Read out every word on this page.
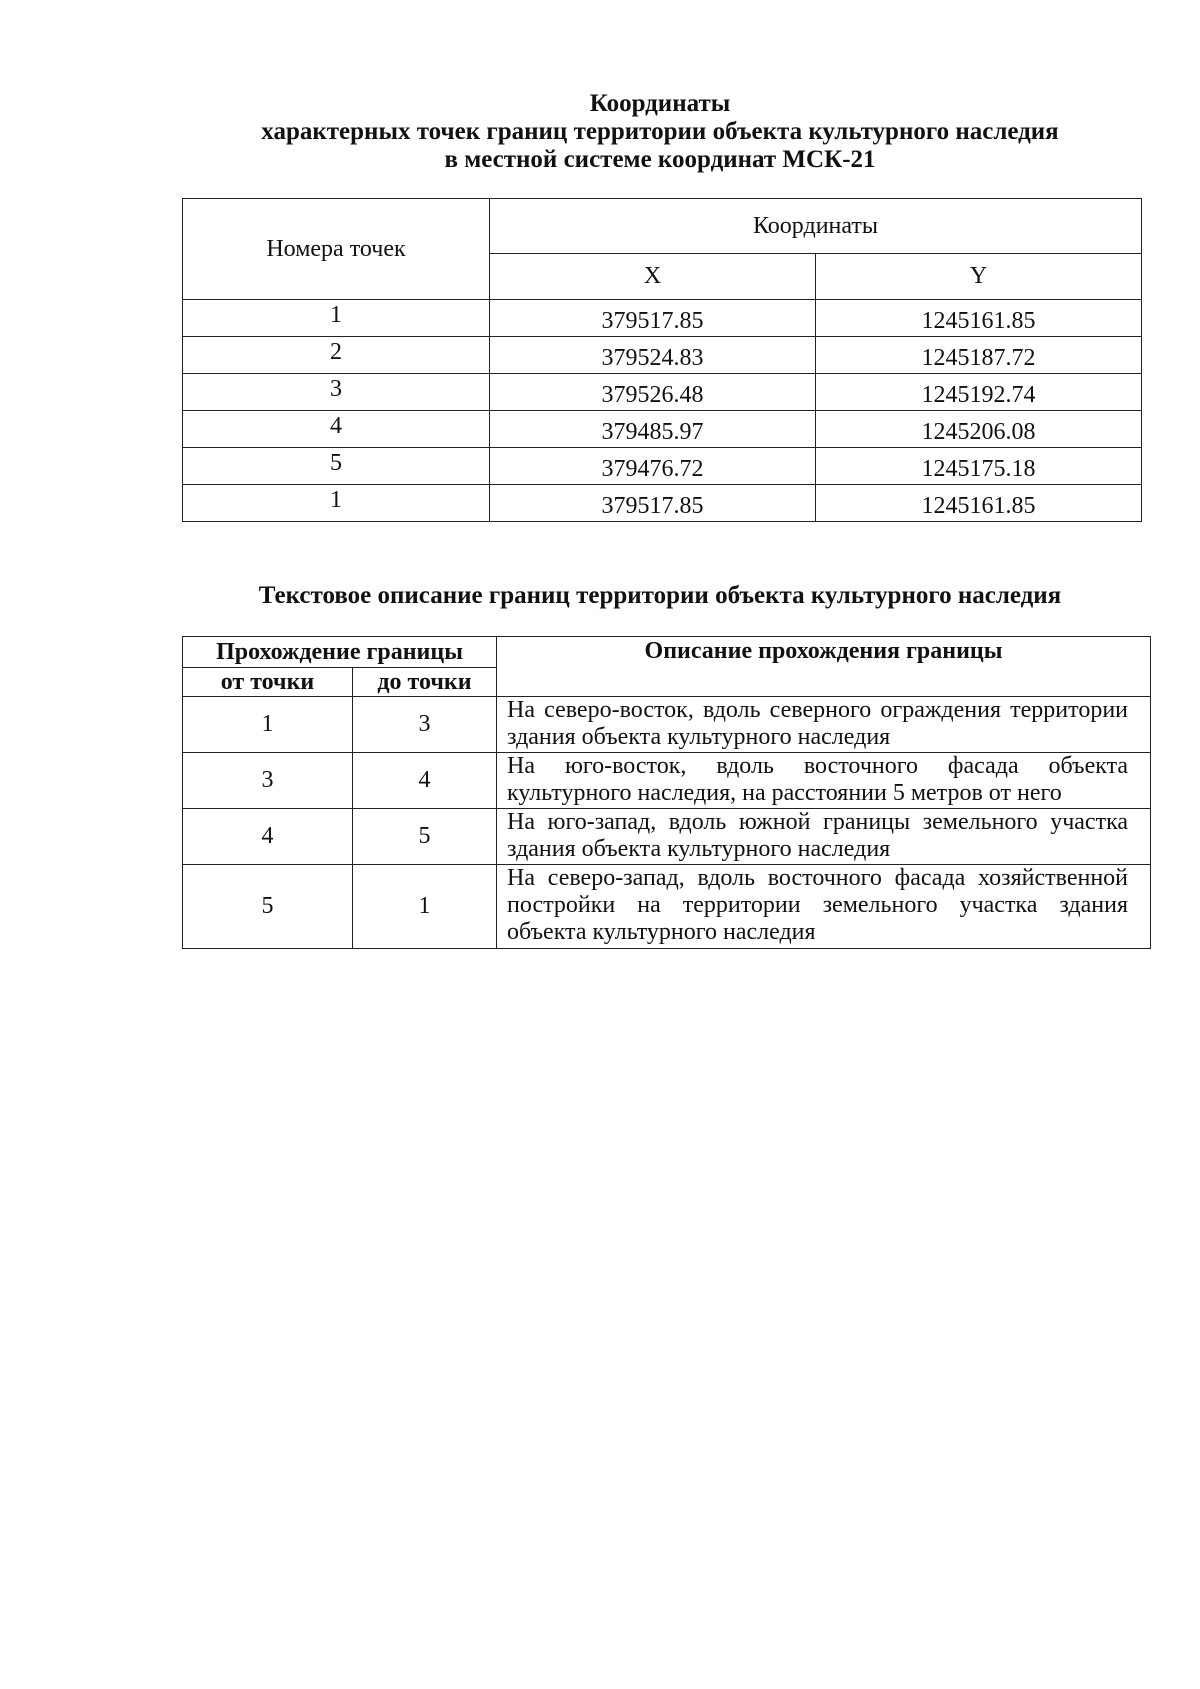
Координаты
характерных точек границ территории объекта культурного наследия
в местной системе координат МСК-21
Номера точек	Координаты	
	X	Y
1	379517.85	1245161.85
2	379524.83	1245187.72
3	379526.48	1245192.74
4	379485.97	1245206.08
5	379476.72	1245175.18
1	379517.85	1245161.85
Текстовое описание границ территории объекта культурного наследия
Прохождение границы		Описание прохождения границы
от точки	до точки	
1	3	На северо-восток, вдоль северного ограждения территории здания объекта культурного наследия
3	4	На юго-восток, вдоль восточного фасада объекта культурного наследия, на расстоянии 5 метров от него
4	5	На юго-запад, вдоль южной границы земельного участка здания объекта культурного наследия
5	1	На северо-запад, вдоль восточного фасада хозяйственной постройки на территории земельного участка здания объекта культурного наследия
